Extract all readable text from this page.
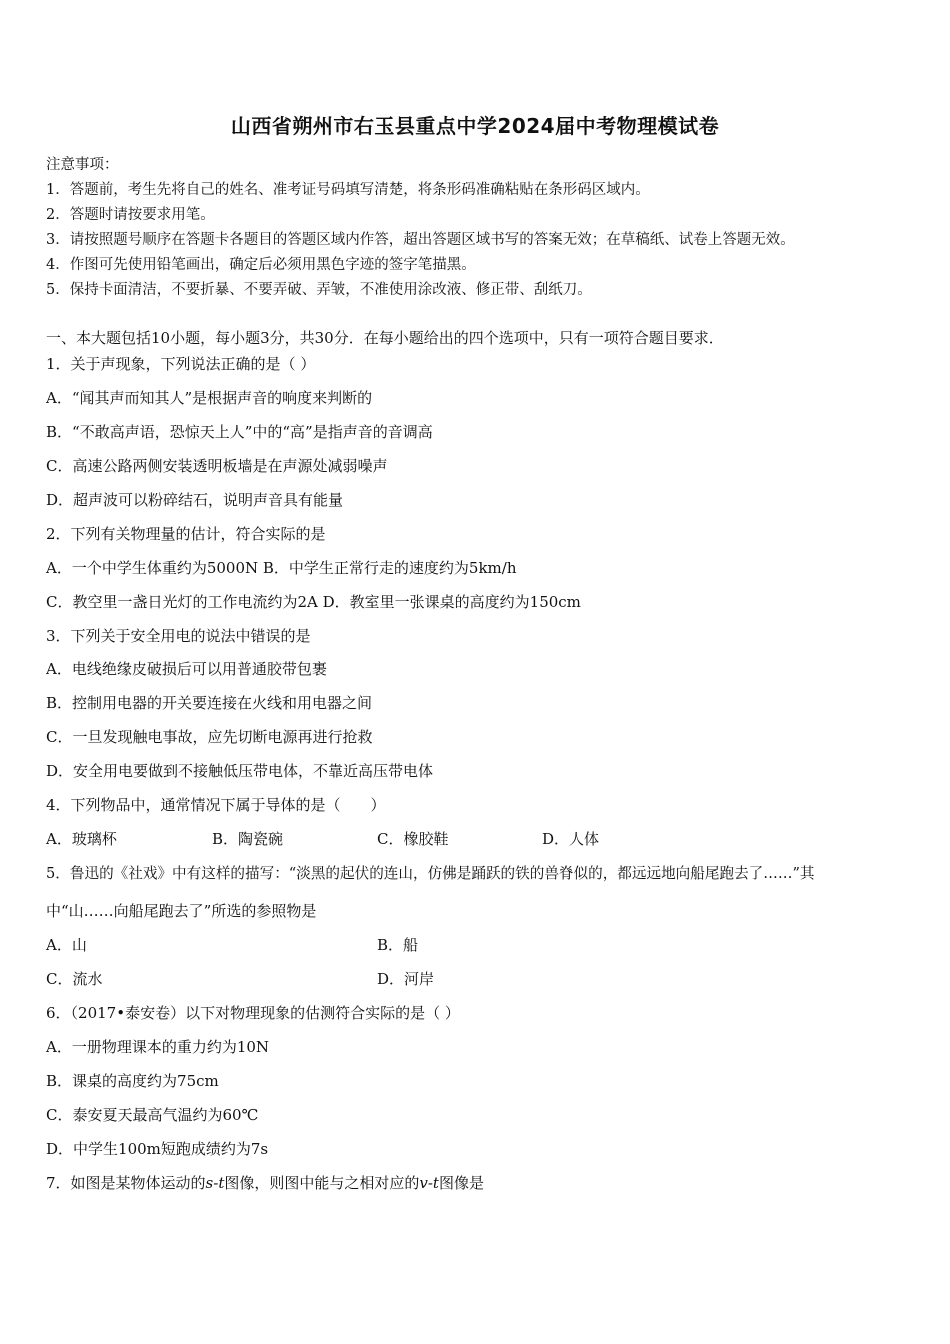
山西省朔州市右玉县重点中学2024届中考物理模试卷
注意事项：
1．答题前，考生先将自己的姓名、准考证号码填写清楚，将条形码准确粘贴在条形码区域内。
2．答题时请按要求用笔。
3．请按照题号顺序在答题卡各题目的答题区域内作答，超出答题区域书写的答案无效；在草稿纸、试卷上答题无效。
4．作图可先使用铅笔画出，确定后必须用黑色字迹的签字笔描黑。
5．保持卡面清洁，不要折暴、不要弄破、弄皱，不准使用涂改液、修正带、刮纸刀。
一、本大题包括10小题，每小题3分，共30分．在每小题给出的四个选项中，只有一项符合题目要求．
1．关于声现象，下列说法正确的是（ ）
A．“闻其声而知其人”是根据声音的响度来判断的
B．“不敢高声语，恐惊天上人”中的“高”是指声音的音调高
C．高速公路两侧安装透明板墙是在声源处减弱噪声
D．超声波可以粉碎结石，说明声音具有能量
2．下列有关物理量的估计，符合实际的是
A．一个中学生体重约为5000N B．中学生正常行走的速度约为5km/h
C．教空里一盏日光灯的工作电流约为2A D．教室里一张课桌的高度约为150cm
3．下列关于安全用电的说法中错误的是
A．电线绝缘皮破损后可以用普通胶带包裹
B．控制用电器的开关要连接在火线和用电器之间
C．一旦发现触电事故，应先切断电源再进行抢救
D．安全用电要做到不接触低压带电体，不靠近高压带电体
4．下列物品中，通常情况下属于导体的是（　　）
A．玻璃杯	B．陶瓷碗	C．橡胶鞋	D．人体
5．鲁迅的《社戏》中有这样的描写：“淡黑的起伏的连山，仿佛是踊跃的铁的兽脊似的，都远远地向船尾跑去了……”其
中“山……向船尾跑去了”所选的参照物是
A．山	B．船
C．流水	D．河岸
6．（2017•泰安卷）以下对物理现象的估测符合实际的是（ ）
A．一册物理课本的重力约为10N
B．课桌的高度约为75cm
C．泰安夏天最高气温约为60℃
D．中学生100m短跑成绩约为7s
7．如图是某物体运动的s-t图像，则图中能与之相对应的v-t图像是
